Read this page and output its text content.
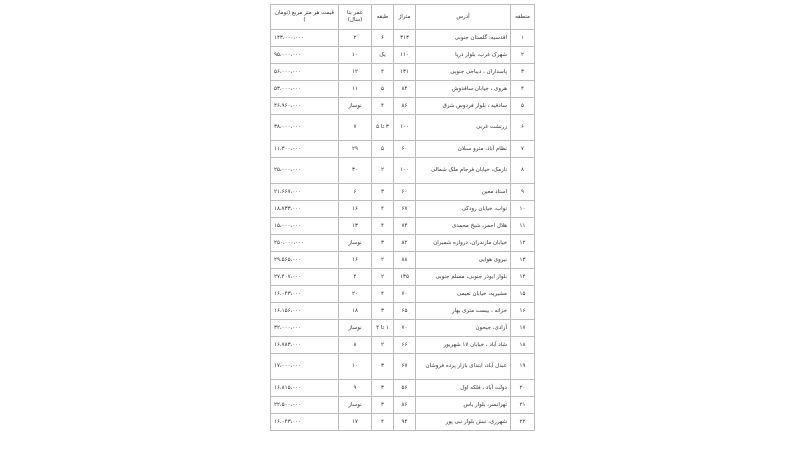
منطقه	آدرس	متراژ	طبقه	عمر بنا (سال)	قیمت هر متر مربع (تومان )
۱	اقدسیه، گلستان جنوبی	۳۱۳	۶	۲	۱۴۳،۰۰۰،۰۰۰
۲	شهرک غرب، بلوار دریا	۱۱۰	یک	۱۰	۹۵،۰۰۰،۰۰۰
۳	پاسداران ، دیباجی جنوبی	۱۳۱	۴	۱۲	۵۶،۰۰۰،۰۰۰
۴	هروی ، خیابان ساقدوش	۸۴	۵	۱۱	۵۳،۰۰۰،۰۰۰
۵	سادقیه ، بلوار فردوس شرق	۸۶	۴	نوساز	۴۶،۹۶۰،۰۰۰
۶	زرتشت غربی	۱۰۰	۳ تا ۵	۷	۳۸،۰۰۰،۰۰۰
۷	نظام آباد، مترو سبلان	۶۰	۵	۲۹	۱۱،۳۰۰،۰۰۰
۸	نارمک، خیابان فرجام ملک شمالی	۱۰۰	۲	۳۰	۲۵،۰۰۰،۰۰۰
۹	استاد معین	۶۰	۳	۶	۲۱،۶۶۷،۰۰۰
۱۰	نواب، خیابان رودکی	۶۷	۴	۱۶	۱۸،۷۳۳،۰۰۰
۱۱	هلال احمر، شیخ محمدی	۷۴	۴	۱۳	۱۵،۰۰۰،۰۰۰
۱۲	خیابان مازندران، دروازه شمیران	۸۲	۳	نوساز	۲۵۰،۰۰۰،۰۰۰
۱۳	نیروی هوایی	۸۸	۲	۱۶	۲۹،۵۶۵،۰۰۰
۱۴	بلوار ابوذر جنوبی، مسلم جنوبی	۱۳۵	۲	۴	۲۷،۴۰۷،۰۰۰
۱۵	مشیریه، خیابان نعیمی	۷۰	۴	۲۰	۱۶،۰۴۳،۰۰۰
۱۶	خزانه ، بیست متری بهار	۶۵	۳	۱۸	۱۶،۱۵۶،۰۰۰
۱۷	آزادی، جیحون	۷۰	۱ تا ۴	نوساز	۳۲،۰۰۰،۰۰۰
۱۸	شاد آباد ، خیابان ۱۷ شهریور	۶۶	۲	۸	۱۶،۷۸۳،۰۰۰
۱۹	عبدل آباد، ابتدای بازار پرده فروشان	۶۷	۳	۱۰	۱۷،۰۰۰،۰۰۰
۲۰	دولت آباد ، فلکه اول	۵۶	۳	۹	۱۶،۸۱۵،۰۰۰
۲۱	تهرانسر، بلوار یاس	۸۶	۳	نوساز	۲۲،۵۰۰،۰۰۰
۲۲	شهرری، نبش بلوار نبی پور	۹۴	۴	۱۷	۱۶،۰۴۳،۰۰۰
